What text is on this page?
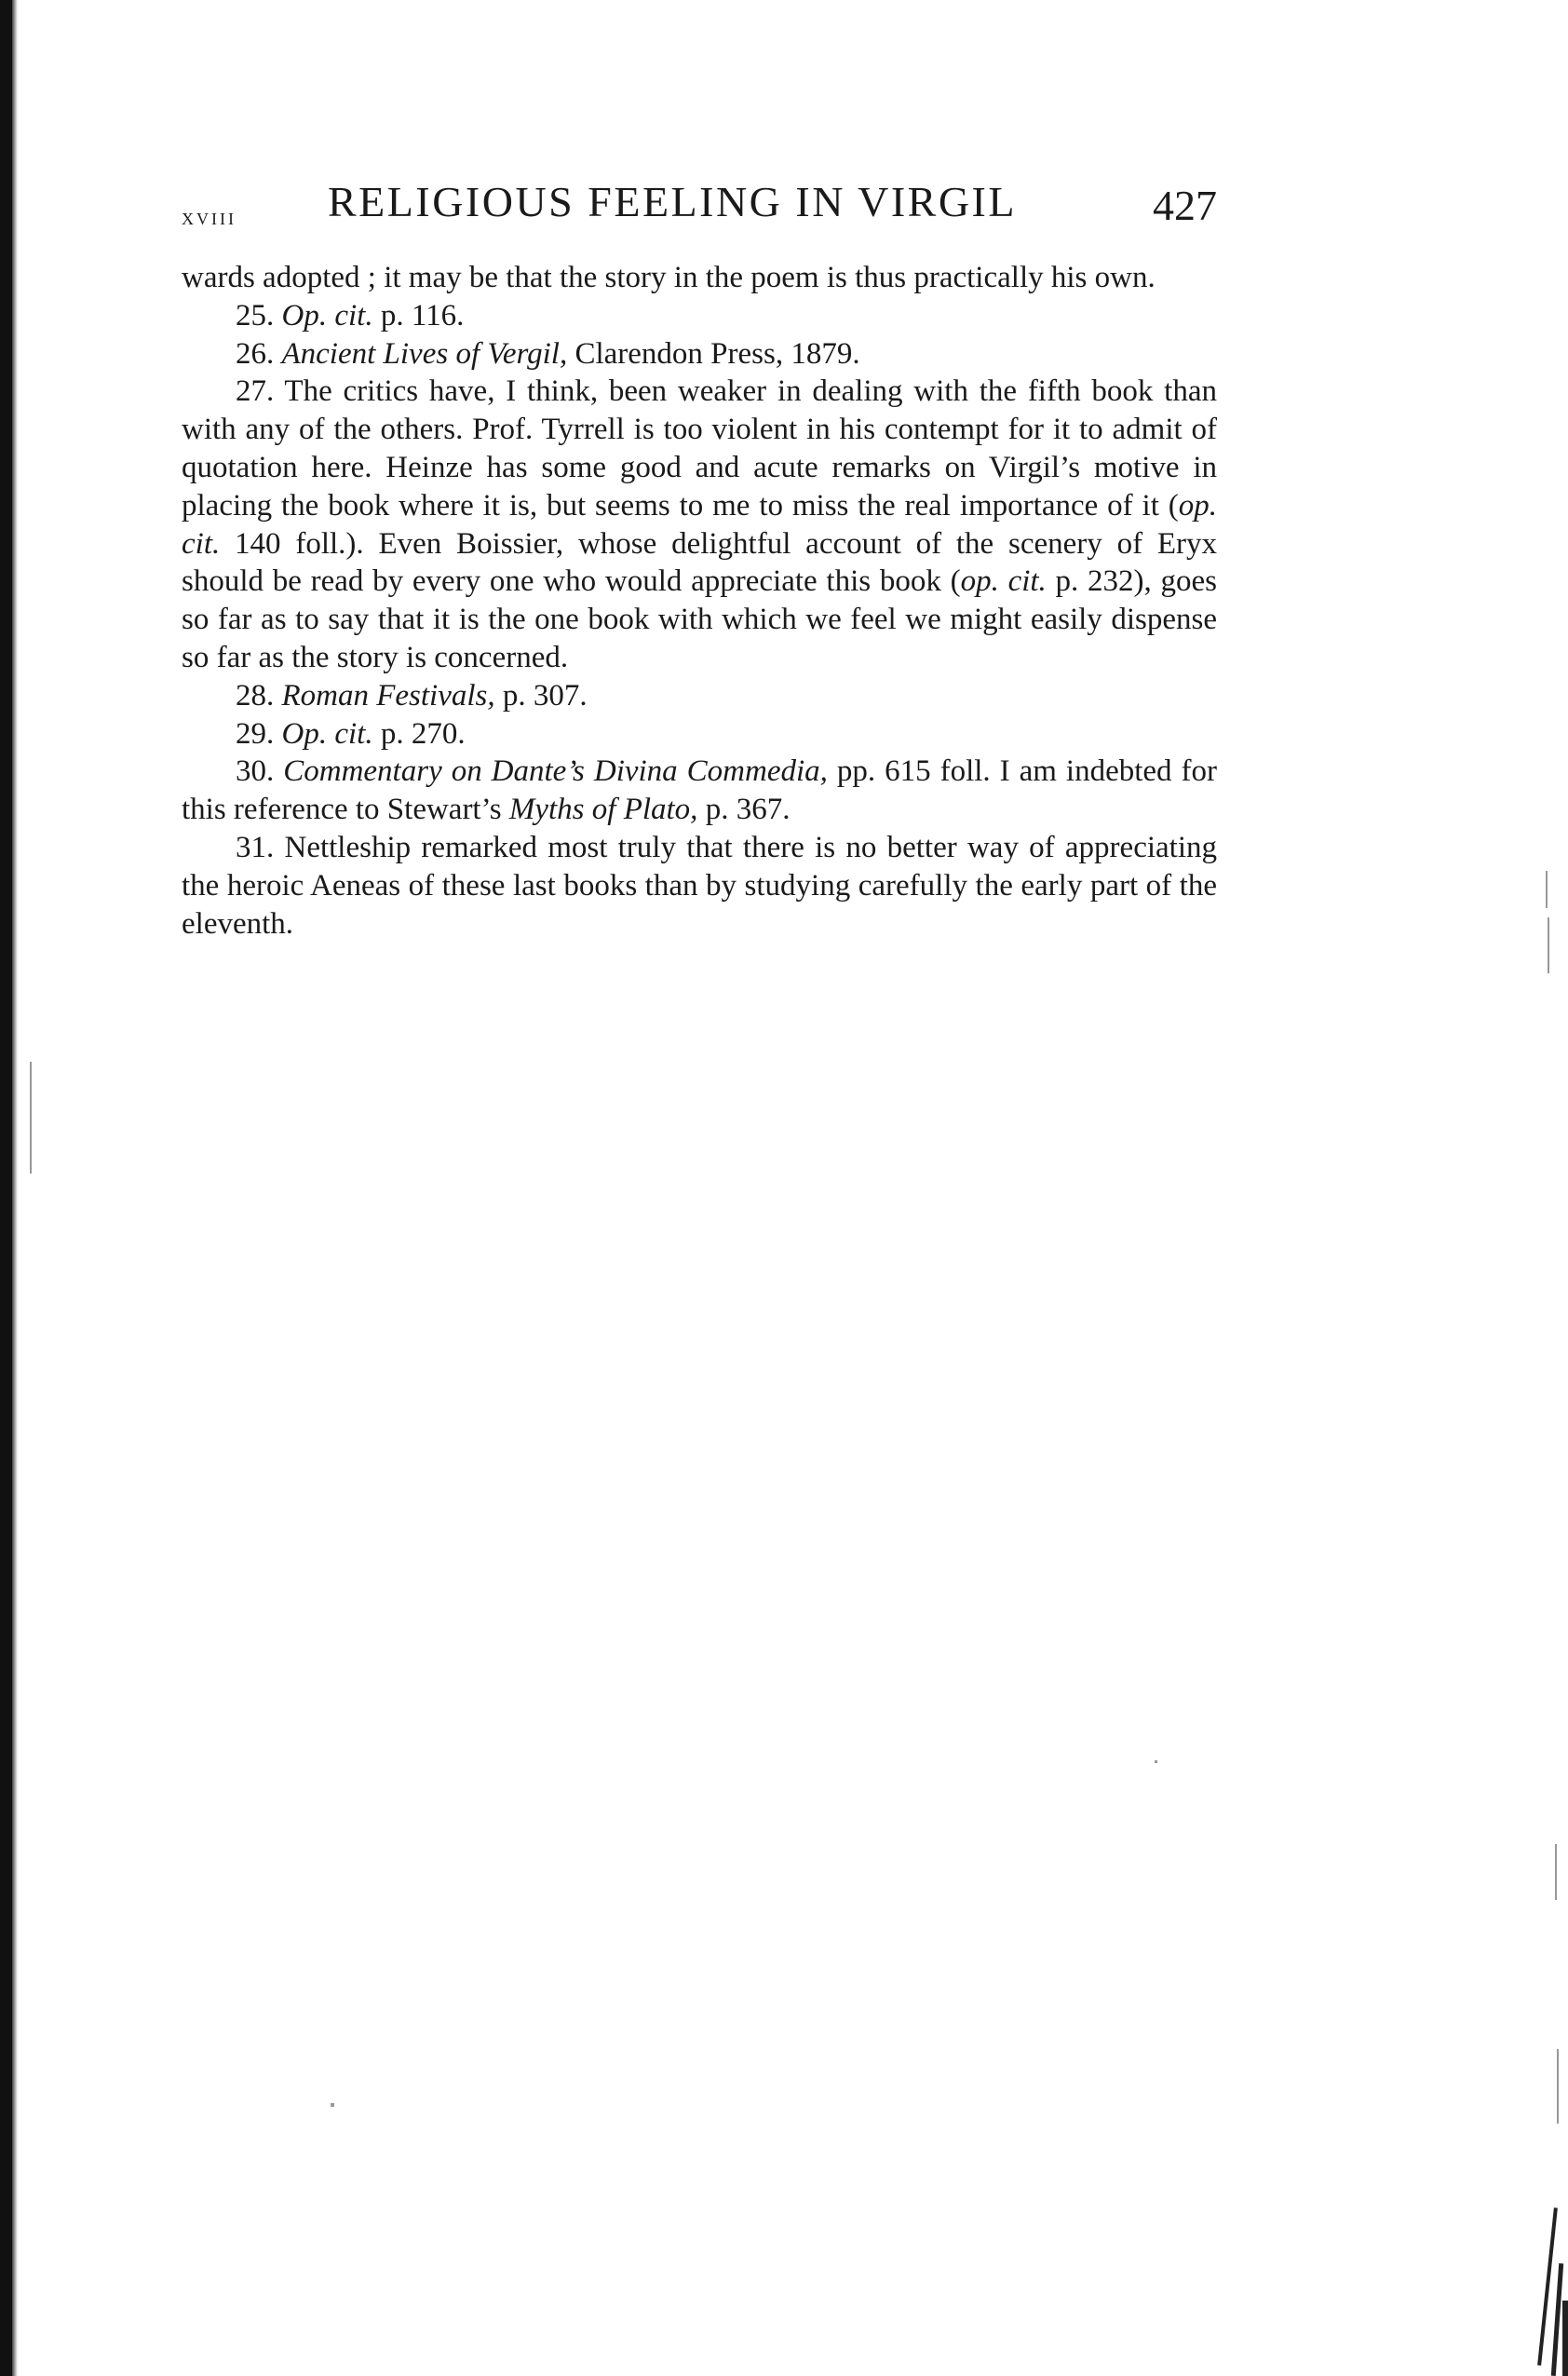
xviii RELIGIOUS FEELING IN VIRGIL	427

wards adopted ; it may be that the story in the poem is thus practically his own.

25. Op. cit. p. 116.

26. Ancient Lives of Vergil, Clarendon Press, 1879.

27. The critics have, I think, been weaker in dealing with the fifth book than with any of the others. Prof. Tyrrell is too violent in his contempt for it to admit of quotation here. Heinze has some good and acute remarks on Virgil’s motive in placing the book where it is, but seems to me to miss the real importance of it (op. cit. 140 foll.). Even Boissier, whose delightful account of the scenery of Eryx should be read by every one who would appreciate this book (op. cit. p. 232), goes so far as to say that it is the one book with which we feel we might easily dispense so far as the story is concerned.

28. Roman Festivals, p. 307.

29. Op. cit. p. 270.

30. Commentary on Dante’s Divina Commedia, pp. 615 foll. I am indebted for this reference to Stewart’s Myths of Plato, p. 367.

31. Nettleship remarked most truly that there is no better way of appreciating the heroic Aeneas of these last books than by studying carefully the early part of the eleventh.
